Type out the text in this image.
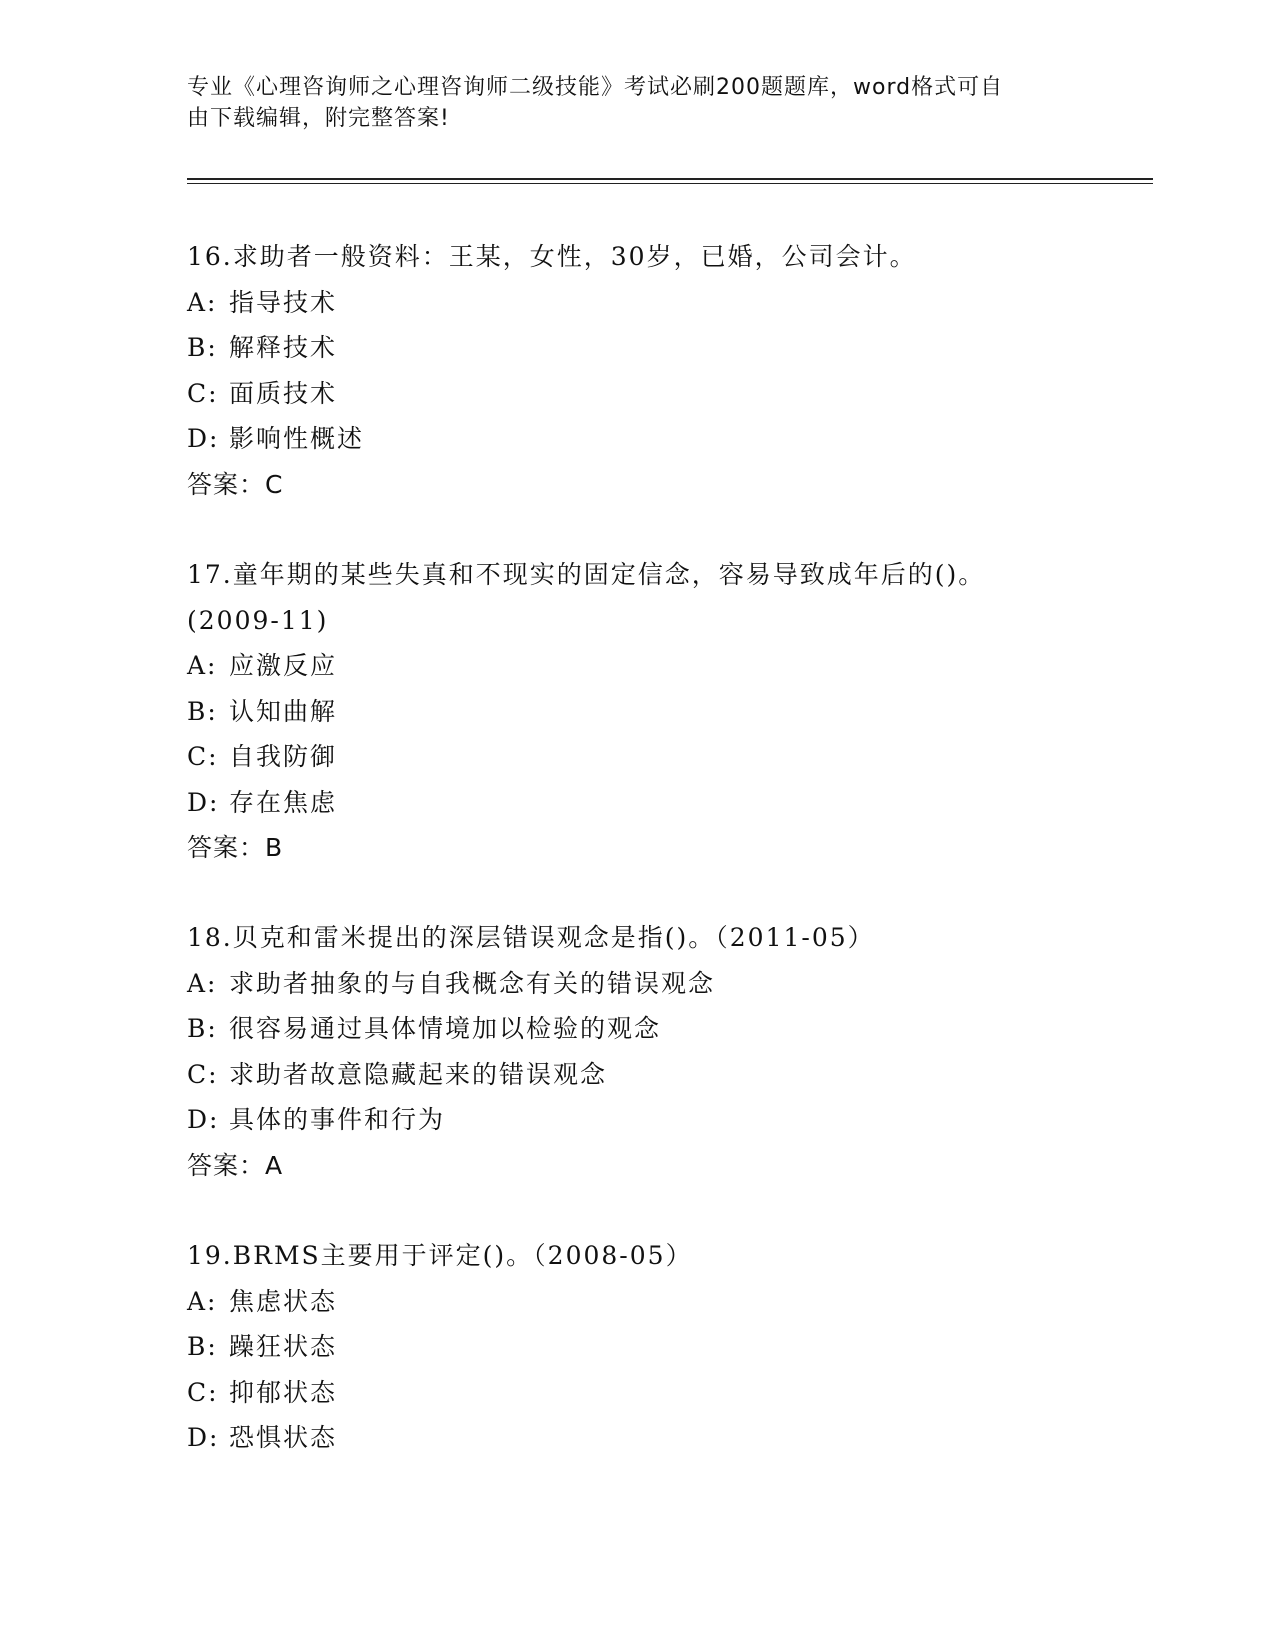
专业《心理咨询师之心理咨询师二级技能》考试必刷200题题库，word格式可自

由下载编辑，附完整答案!

16.求助者一般资料：王某，女性，30岁，已婚，公司会计。
A: 指导技术
B: 解释技术
C: 面质技术
D: 影响性概述
答案：C
17.童年期的某些失真和不现实的固定信念，容易导致成年后的()。
(2009-11)
A: 应激反应
B: 认知曲解
C: 自我防御
D: 存在焦虑
答案：B
18.贝克和雷米提出的深层错误观念是指()。（2011-05）
A: 求助者抽象的与自我概念有关的错误观念
B: 很容易通过具体情境加以检验的观念
C: 求助者故意隐藏起来的错误观念
D: 具体的事件和行为
答案：A
19.BRMS主要用于评定()。（2008-05）
A: 焦虑状态
B: 躁狂状态
C: 抑郁状态
D: 恐惧状态
